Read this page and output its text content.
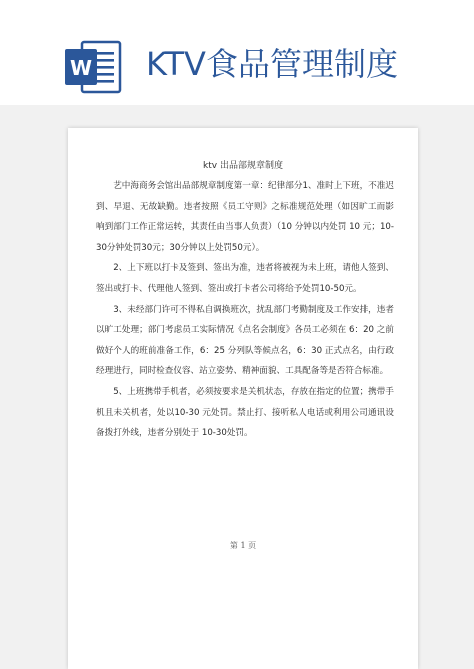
W KTV食品管理制度
ktv 出品部规章制度

艺中海商务会馆出品部规章制度第一章：纪律部分1、准时上下班，不准迟到、早退、无故缺勤。违者按照《员工守则》之标准规范处理（如因旷工而影响到部门工作正常运转，其责任由当事人负责）（10 分钟以内处罚 10 元；10-30分钟处罚30元；30分钟以上处罚50元）。

2、上下班以打卡及签到、签出为准，违者将被视为未上班，请他人签到、签出或打卡、代理他人签到、签出或打卡者公司将给予处罚10-50元。

3、未经部门许可不得私自调换班次，扰乱部门考勤制度及工作安排，违者以旷工处理；部门考虑员工实际情况《点名会制度》各员工必须在 6：20 之前做好个人的班前准备工作，6：25 分列队等候点名，6：30 正式点名，由行政经理进行，同时检查仪容、站立姿势、精神面貌、工具配备等是否符合标准。

5、上班携带手机者，必须按要求是关机状态，存放在指定的位置；携带手机且未关机者，处以10-30 元处罚。禁止打、接听私人电话或利用公司通讯设备拨打外线，违者分别处于 10-30处罚。

第 1 页
